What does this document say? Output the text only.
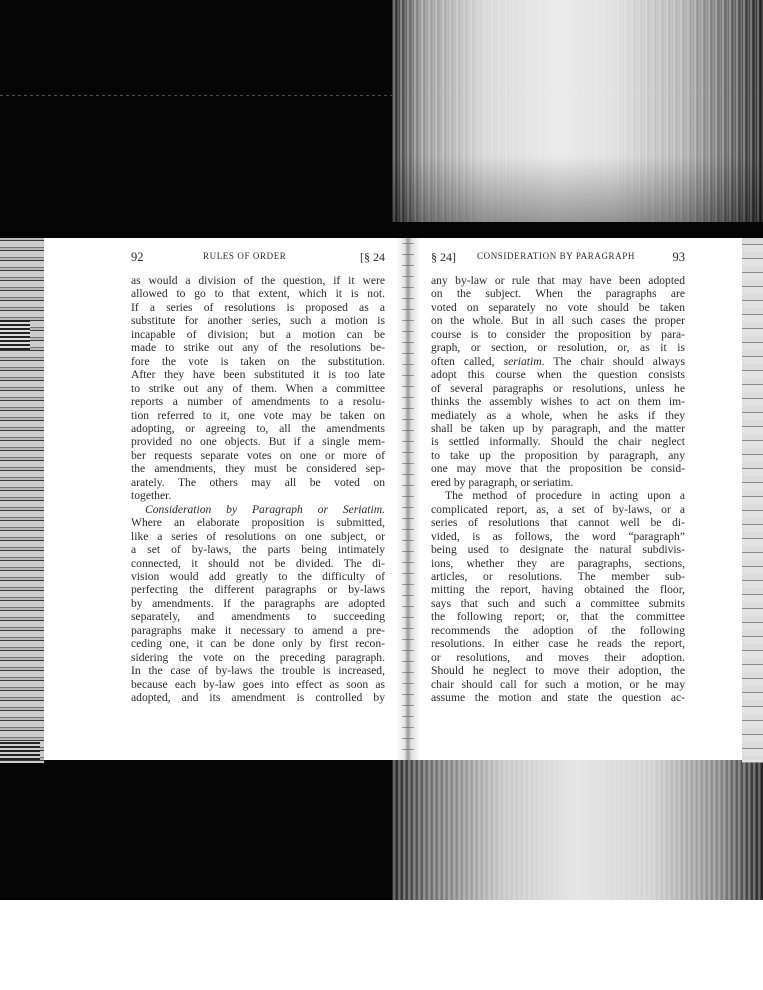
92	RULES OF ORDER	[§ 24
as would a division of the question, if it were
allowed to go to that extent, which it is not.
If a series of resolutions is proposed as a
substitute for another series, such a motion is
incapable of division; but a motion can be
made to strike out any of the resolutions be-
fore the vote is taken on the substitution.
After they have been substituted it is too late
to strike out any of them. When a committee
reports a number of amendments to a resolu-
tion referred to it, one vote may be taken on
adopting, or agreeing to, all the amendments
provided no one objects. But if a single mem-
ber requests separate votes on one or more of
the amendments, they must be considered sep-
arately. The others may all be voted on
together.
Consideration by Paragraph or Seriatim.
Where an elaborate proposition is submitted,
like a series of resolutions on one subject, or
a set of by-laws, the parts being intimately
connected, it should not be divided. The di-
vision would add greatly to the difficulty of
perfecting the different paragraphs or by-laws
by amendments. If the paragraphs are adopted
separately, and amendments to succeeding
paragraphs make it necessary to amend a pre-
ceding one, it can be done only by first recon-
sidering the vote on the preceding paragraph.
In the case of by-laws the trouble is increased,
because each by-law goes into effect as soon as
adopted, and its amendment is controlled by
§ 24] CONSIDERATION BY PARAGRAPH	93
any by-law or rule that may have been adopted
on the subject. When the paragraphs are
voted on separately no vote should be taken
on the whole. But in all such cases the proper
course is to consider the proposition by para-
graph, or section, or resolution, or, as it is
often called, seriatim. The chair should always
adopt this course when the question consists
of several paragraphs or resolutions, unless he
thinks the assembly wishes to act on them im-
mediately as a whole, when he asks if they
shall be taken up by paragraph, and the matter
is settled informally. Should the chair neglect
to take up the proposition by paragraph, any
one may move that the proposition be consid-
ered by paragraph, or seriatim.
The method of procedure in acting upon a
complicated report, as, a set of by-laws, or a
series of resolutions that cannot well be di-
vided, is as follows, the word “paragraph”
being used to designate the natural subdivis-
ions, whether they are paragraphs, sections,
articles, or resolutions. The member sub-
mitting the report, having obtained the floor,
says that such and such a committee submits
the following report; or, that the committee
recommends the adoption of the following
resolutions. In either case he reads the report,
or resolutions, and moves their adoption.
Should he neglect to move their adoption, the
chair should call for such a motion, or he may
assume the motion and state the question ac-
